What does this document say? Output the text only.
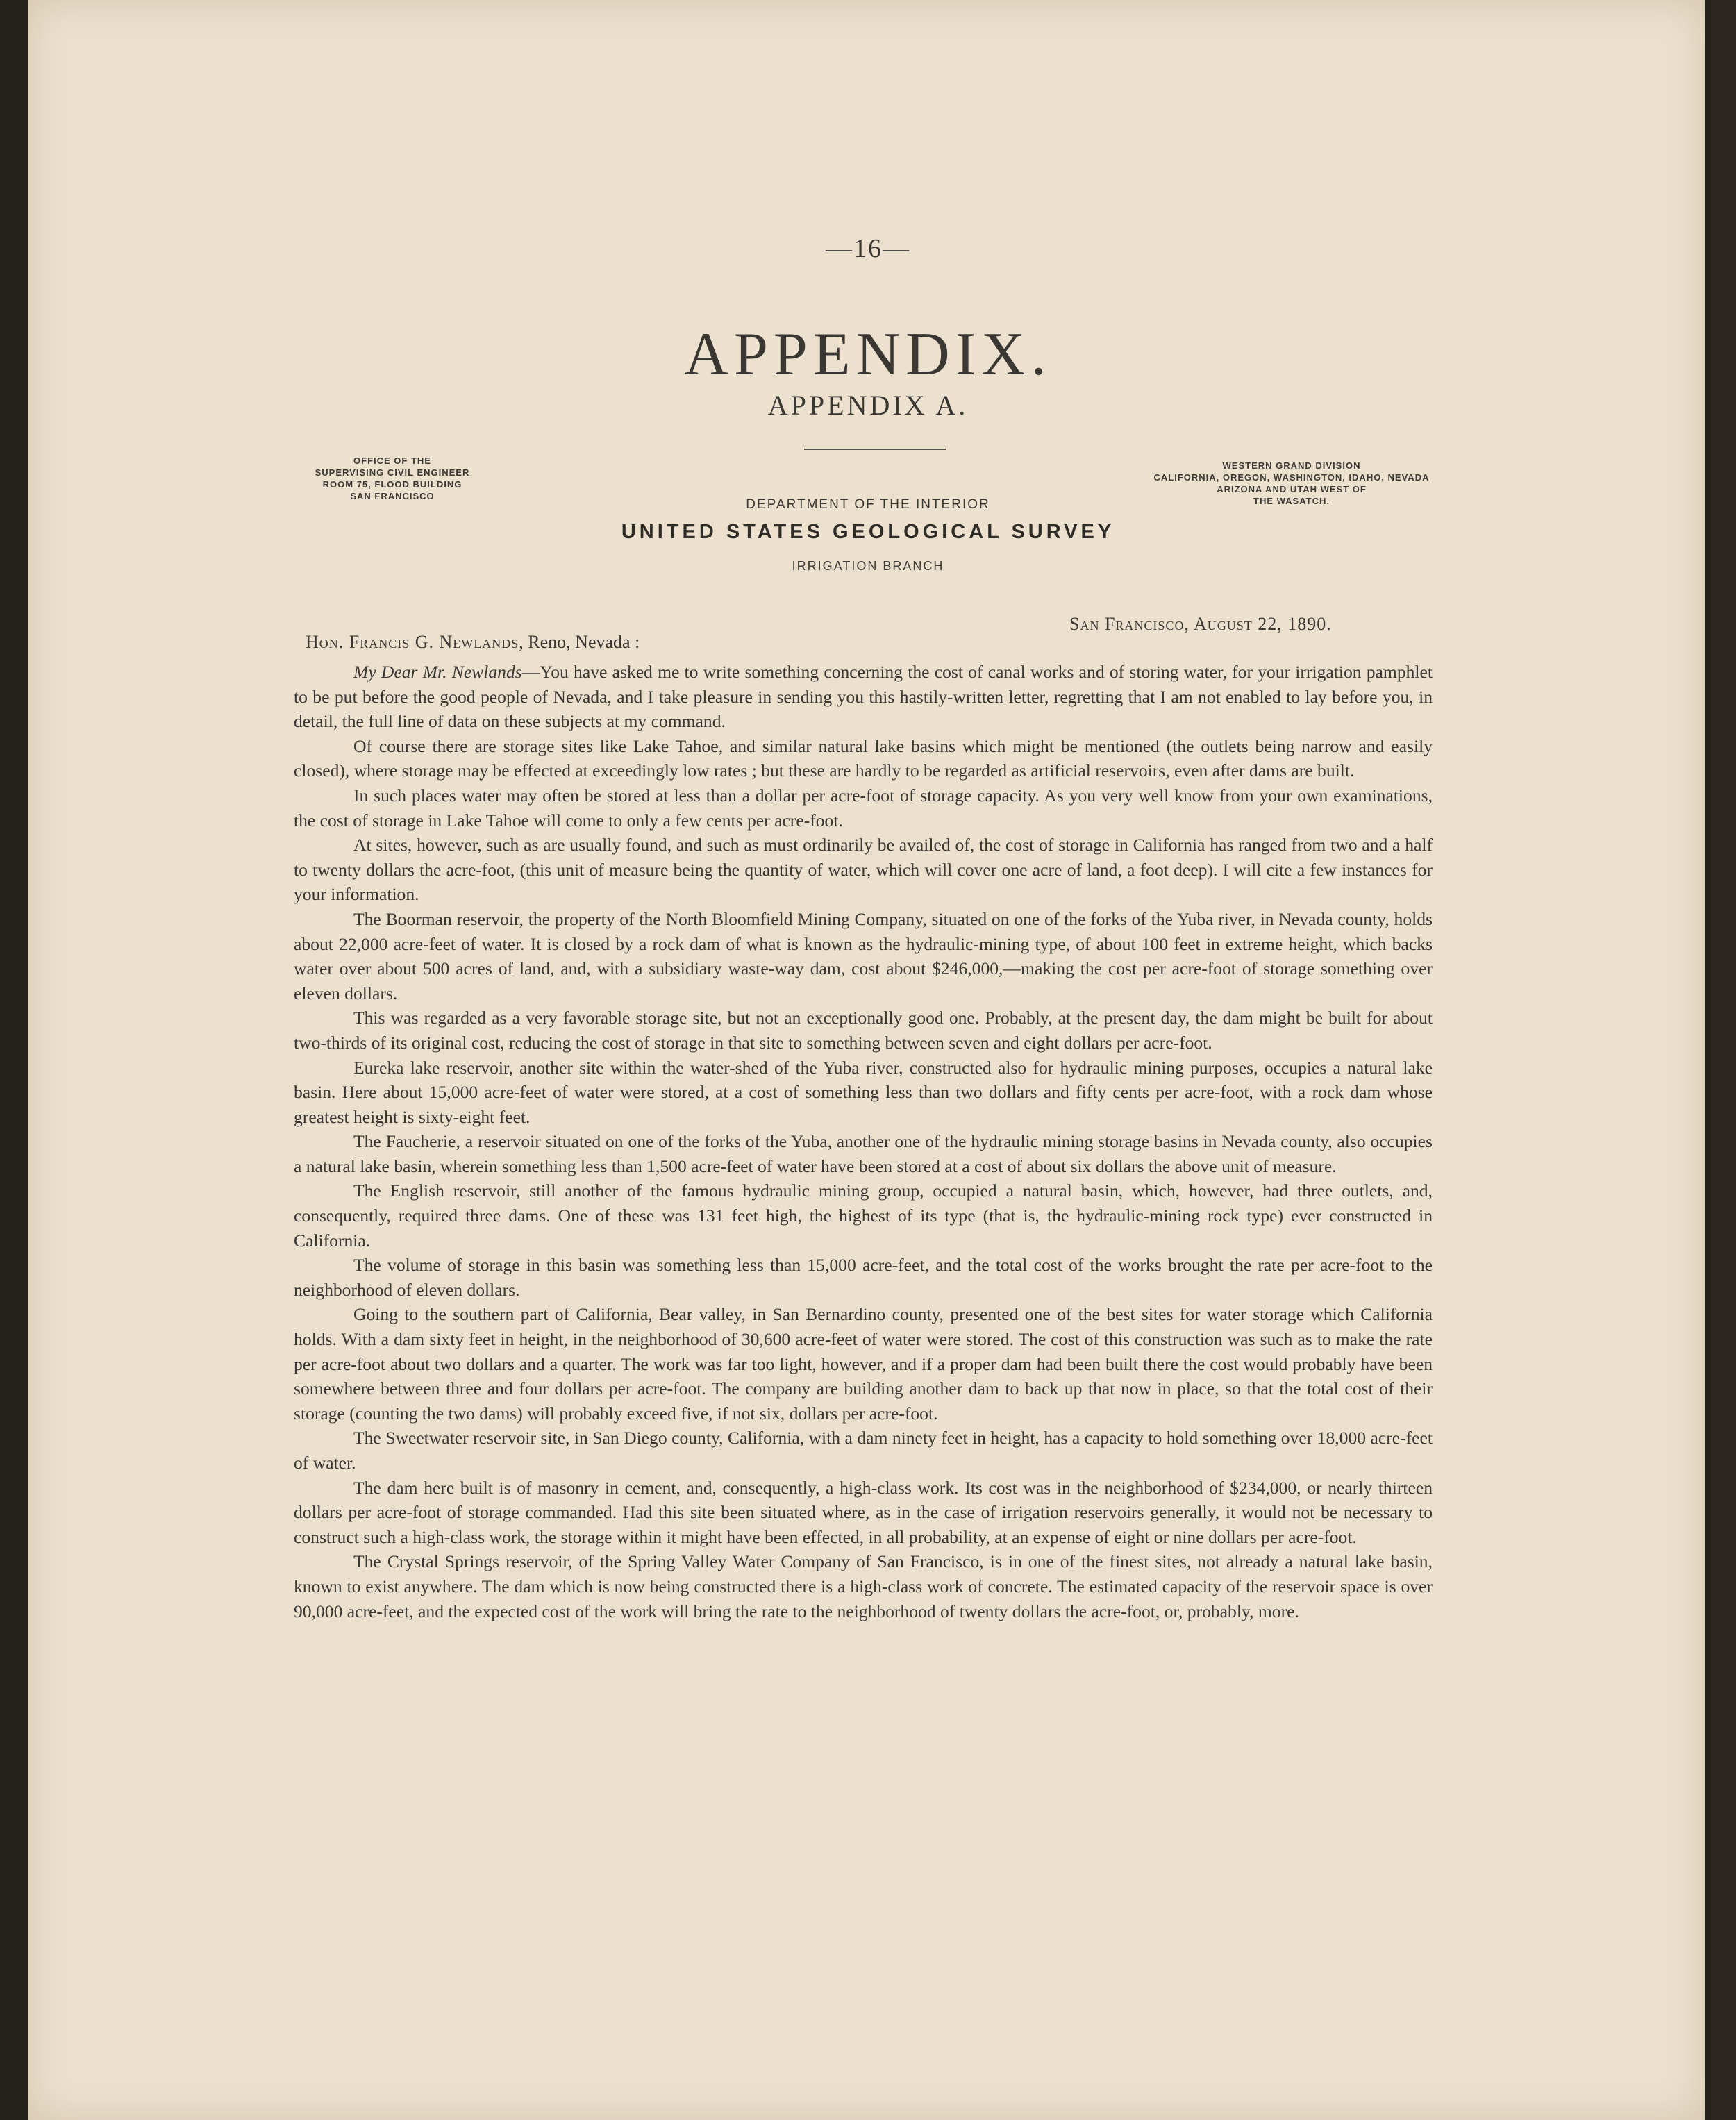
—16—
APPENDIX.
APPENDIX A.
OFFICE OF THE
SUPERVISING CIVIL ENGINEER
ROOM 75, FLOOD BUILDING
SAN FRANCISCO
WESTERN GRAND DIVISION
CALIFORNIA, OREGON, WASHINGTON, IDAHO, NEVADA
ARIZONA AND UTAH WEST OF
THE WASATCH.
DEPARTMENT OF THE INTERIOR
UNITED STATES GEOLOGICAL SURVEY
IRRIGATION BRANCH
San Francisco, August 22, 1890.
Hon. Francis G. Newlands, Reno, Nevada :

My Dear Mr. Newlands—You have asked me to write something concerning the cost of canal works and of storing water, for your irrigation pamphlet to be put before the good people of Nevada, and I take pleasure in sending you this hastily-written letter, regretting that I am not enabled to lay before you, in detail, the full line of data on these subjects at my command.

Of course there are storage sites like Lake Tahoe, and similar natural lake basins which might be mentioned (the outlets being narrow and easily closed), where storage may be effected at exceedingly low rates ; but these are hardly to be regarded as artificial reservoirs, even after dams are built.

In such places water may often be stored at less than a dollar per acre-foot of storage capacity. As you very well know from your own examinations, the cost of storage in Lake Tahoe will come to only a few cents per acre-foot.

At sites, however, such as are usually found, and such as must ordinarily be availed of, the cost of storage in California has ranged from two and a half to twenty dollars the acre-foot, (this unit of measure being the quantity of water, which will cover one acre of land, a foot deep). I will cite a few instances for your information.

The Boorman reservoir, the property of the North Bloomfield Mining Company, situated on one of the forks of the Yuba river, in Nevada county, holds about 22,000 acre-feet of water. It is closed by a rock dam of what is known as the hydraulic-mining type, of about 100 feet in extreme height, which backs water over about 500 acres of land, and, with a subsidiary waste-way dam, cost about $246,000,—making the cost per acre-foot of storage something over eleven dollars.

This was regarded as a very favorable storage site, but not an exceptionally good one. Probably, at the present day, the dam might be built for about two-thirds of its original cost, reducing the cost of storage in that site to something between seven and eight dollars per acre-foot.

Eureka lake reservoir, another site within the water-shed of the Yuba river, constructed also for hydraulic mining purposes, occupies a natural lake basin. Here about 15,000 acre-feet of water were stored, at a cost of something less than two dollars and fifty cents per acre-foot, with a rock dam whose greatest height is sixty-eight feet.

The Faucherie, a reservoir situated on one of the forks of the Yuba, another one of the hydraulic mining storage basins in Nevada county, also occupies a natural lake basin, wherein something less than 1,500 acre-feet of water have been stored at a cost of about six dollars the above unit of measure.

The English reservoir, still another of the famous hydraulic mining group, occupied a natural basin, which, however, had three outlets, and, consequently, required three dams. One of these was 131 feet high, the highest of its type (that is, the hydraulic-mining rock type) ever constructed in California.

The volume of storage in this basin was something less than 15,000 acre-feet, and the total cost of the works brought the rate per acre-foot to the neighborhood of eleven dollars.

Going to the southern part of California, Bear valley, in San Bernardino county, presented one of the best sites for water storage which California holds. With a dam sixty feet in height, in the neighborhood of 30,600 acre-feet of water were stored. The cost of this construction was such as to make the rate per acre-foot about two dollars and a quarter. The work was far too light, however, and if a proper dam had been built there the cost would probably have been somewhere between three and four dollars per acre-foot. The company are building another dam to back up that now in place, so that the total cost of their storage (counting the two dams) will probably exceed five, if not six, dollars per acre-foot.

The Sweetwater reservoir site, in San Diego county, California, with a dam ninety feet in height, has a capacity to hold something over 18,000 acre-feet of water.

The dam here built is of masonry in cement, and, consequently, a high-class work. Its cost was in the neighborhood of $234,000, or nearly thirteen dollars per acre-foot of storage commanded. Had this site been situated where, as in the case of irrigation reservoirs generally, it would not be necessary to construct such a high-class work, the storage within it might have been effected, in all probability, at an expense of eight or nine dollars per acre-foot.

The Crystal Springs reservoir, of the Spring Valley Water Company of San Francisco, is in one of the finest sites, not already a natural lake basin, known to exist anywhere. The dam which is now being constructed there is a high-class work of concrete. The estimated capacity of the reservoir space is over 90,000 acre-feet, and the expected cost of the work will bring the rate to the neighborhood of twenty dollars the acre-foot, or, probably, more.
